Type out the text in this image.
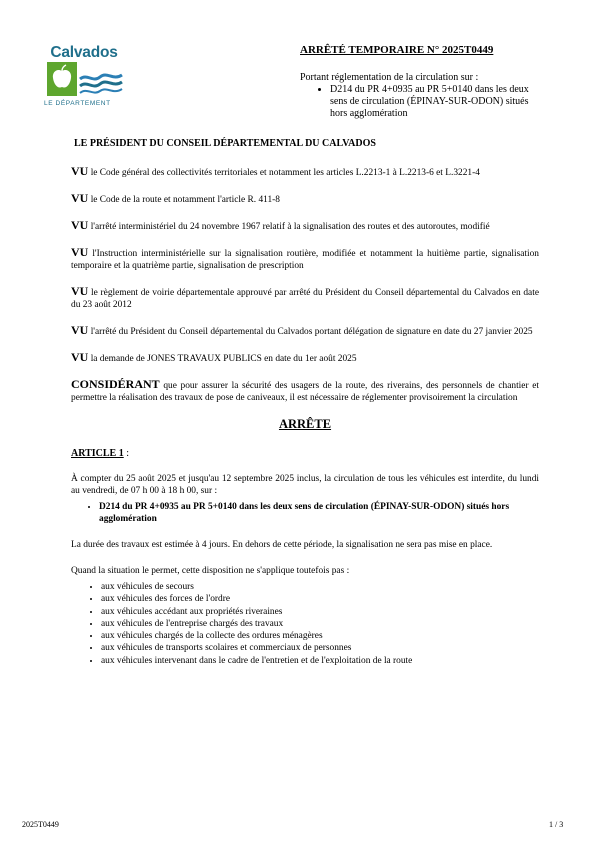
Calvados
LE DÉPARTEMENT
ARRÊTÉ TEMPORAIRE N° 2025T0449
Portant réglementation de la circulation sur :
• D214 du PR 4+0935 au PR 5+0140 dans les deux sens de circulation (ÉPINAY-SUR-ODON) situés hors agglomération
LE PRÉSIDENT DU CONSEIL DÉPARTEMENTAL DU CALVADOS

VU le Code général des collectivités territoriales et notamment les articles L.2213-1 à L.2213-6 et L.3221-4

VU le Code de la route et notamment l'article R. 411-8

VU l'arrêté interministériel du 24 novembre 1967 relatif à la signalisation des routes et des autoroutes, modifié

VU l'Instruction interministérielle sur la signalisation routière, modifiée et notamment la huitième partie, signalisation temporaire et la quatrième partie, signalisation de prescription

VU le règlement de voirie départementale approuvé par arrêté du Président du Conseil départemental du Calvados en date du 23 août 2012

VU l'arrêté du Président du Conseil départemental du Calvados portant délégation de signature en date du 27 janvier 2025

VU la demande de JONES TRAVAUX PUBLICS en date du 1er août 2025

CONSIDÉRANT que pour assurer la sécurité des usagers de la route, des riverains, des personnels de chantier et permettre la réalisation des travaux de pose de caniveaux, il est nécessaire de réglementer provisoirement la circulation

ARRÊTE
ARTICLE 1 :

À compter du 25 août 2025 et jusqu'au 12 septembre 2025 inclus, la circulation de tous les véhicules est interdite, du lundi au vendredi, de 07 h 00 à 18 h 00, sur :

• D214 du PR 4+0935 au PR 5+0140 dans les deux sens de circulation (ÉPINAY-SUR-ODON) situés hors agglomération

La durée des travaux est estimée à 4 jours. En dehors de cette période, la signalisation ne sera pas mise en place.

Quand la situation le permet, cette disposition ne s'applique toutefois pas :

• aux véhicules de secours
• aux véhicules des forces de l'ordre
• aux véhicules accédant aux propriétés riveraines
• aux véhicules de l'entreprise chargés des travaux
• aux véhicules chargés de la collecte des ordures ménagères
• aux véhicules de transports scolaires et commerciaux de personnes
• aux véhicules intervenant dans le cadre de l'entretien et de l'exploitation de la route
2025T0449	1 / 3
